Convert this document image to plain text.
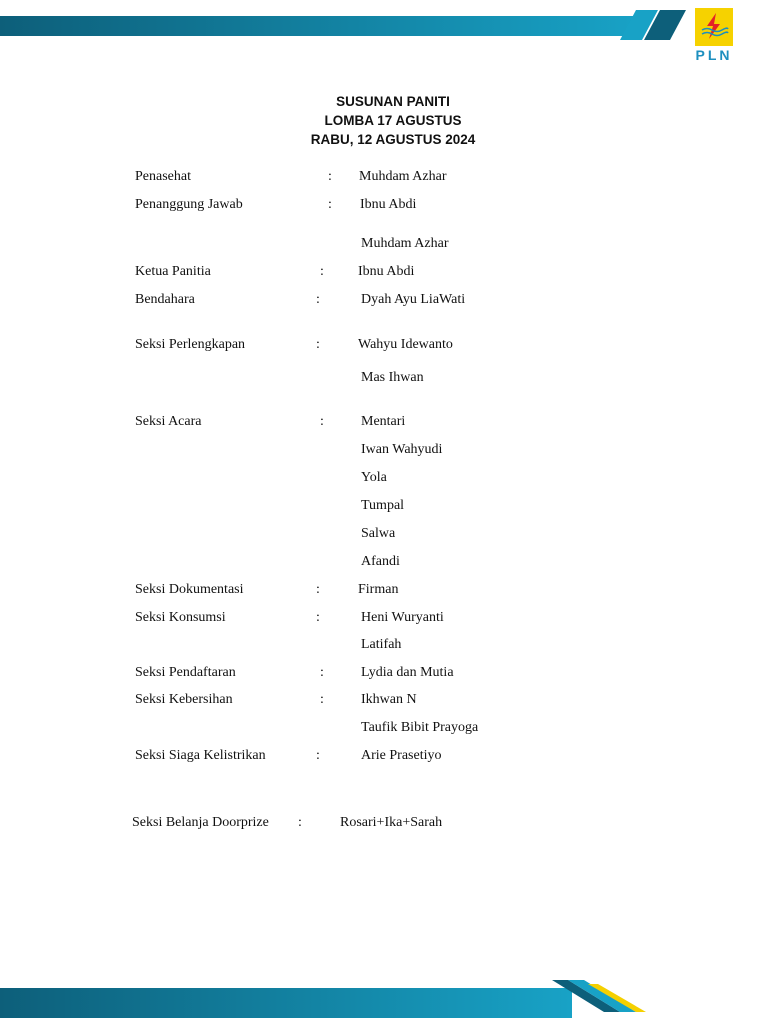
PLN
SUSUNAN PANITI
LOMBA 17 AGUSTUS
RABU, 12 AGUSTUS 2024
Penasehat	: Muhdam Azhar
Penanggung Jawab	: Ibnu Abdi
Muhdam Azhar
Ketua Panitia	: Ibnu Abdi
Bendahara	:	Dyah Ayu LiaWati
Seksi Perlengkapan	:	Wahyu Idewanto
Mas Ihwan
Seksi Acara	:	Mentari
Iwan Wahyudi
Yola
Tumpal
Salwa
Afandi
Seksi Dokumentasi	:	Firman
Seksi Konsumsi	:	Heni Wuryanti
Latifah
Seksi Pendaftaran	:	Lydia dan Mutia
Seksi Kebersihan	:	Ikhwan N
Taufik Bibit Prayoga
Seksi Siaga Kelistrikan	:	Arie Prasetiyo
Seksi Belanja Doorprize :	Rosari+Ika+Sarah
